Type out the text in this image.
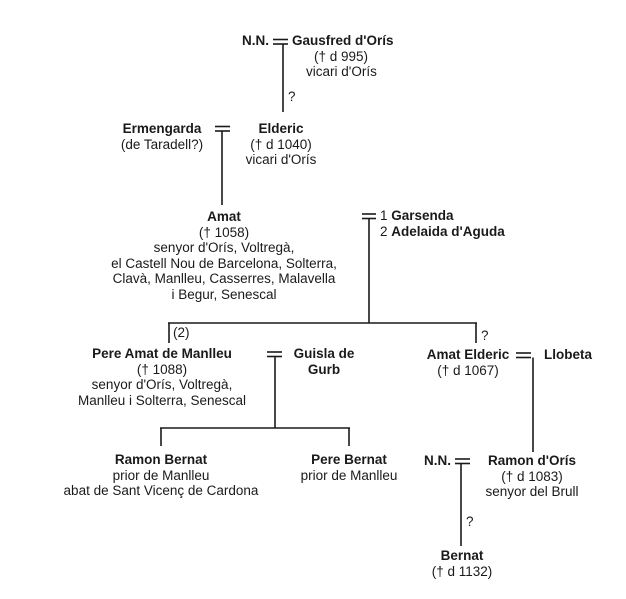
N.N. Gausfred d'Orís
(† d 995)
vicari d'Orís
?
Ermengarda
(de Taradell?)
Elderic
(† d 1040)
vicari d'Orís
Amat
(† 1058)
senyor d'Orís, Voltregà,
el Castell Nou de Barcelona, Solterra,
Clavà, Manlleu, Casserres, Malavella
i Begur, Senescal
1 Garsenda
2 Adelaida d'Aguda
(2)	?
Pere Amat de Manlleu
(† 1088)
senyor d'Orís, Voltregà,
Manlleu i Solterra, Senescal
Guisla de
Gurb
Amat Elderic
(† d 1067)
Llobeta
Ramon Bernat
prior de Manlleu
abat de Sant Vicenç de Cardona
Pere Bernat
prior de Manlleu
N.N.	Ramon d'Orís
(† d 1083)
senyor del Brull
?
Bernat
(† d 1132)
